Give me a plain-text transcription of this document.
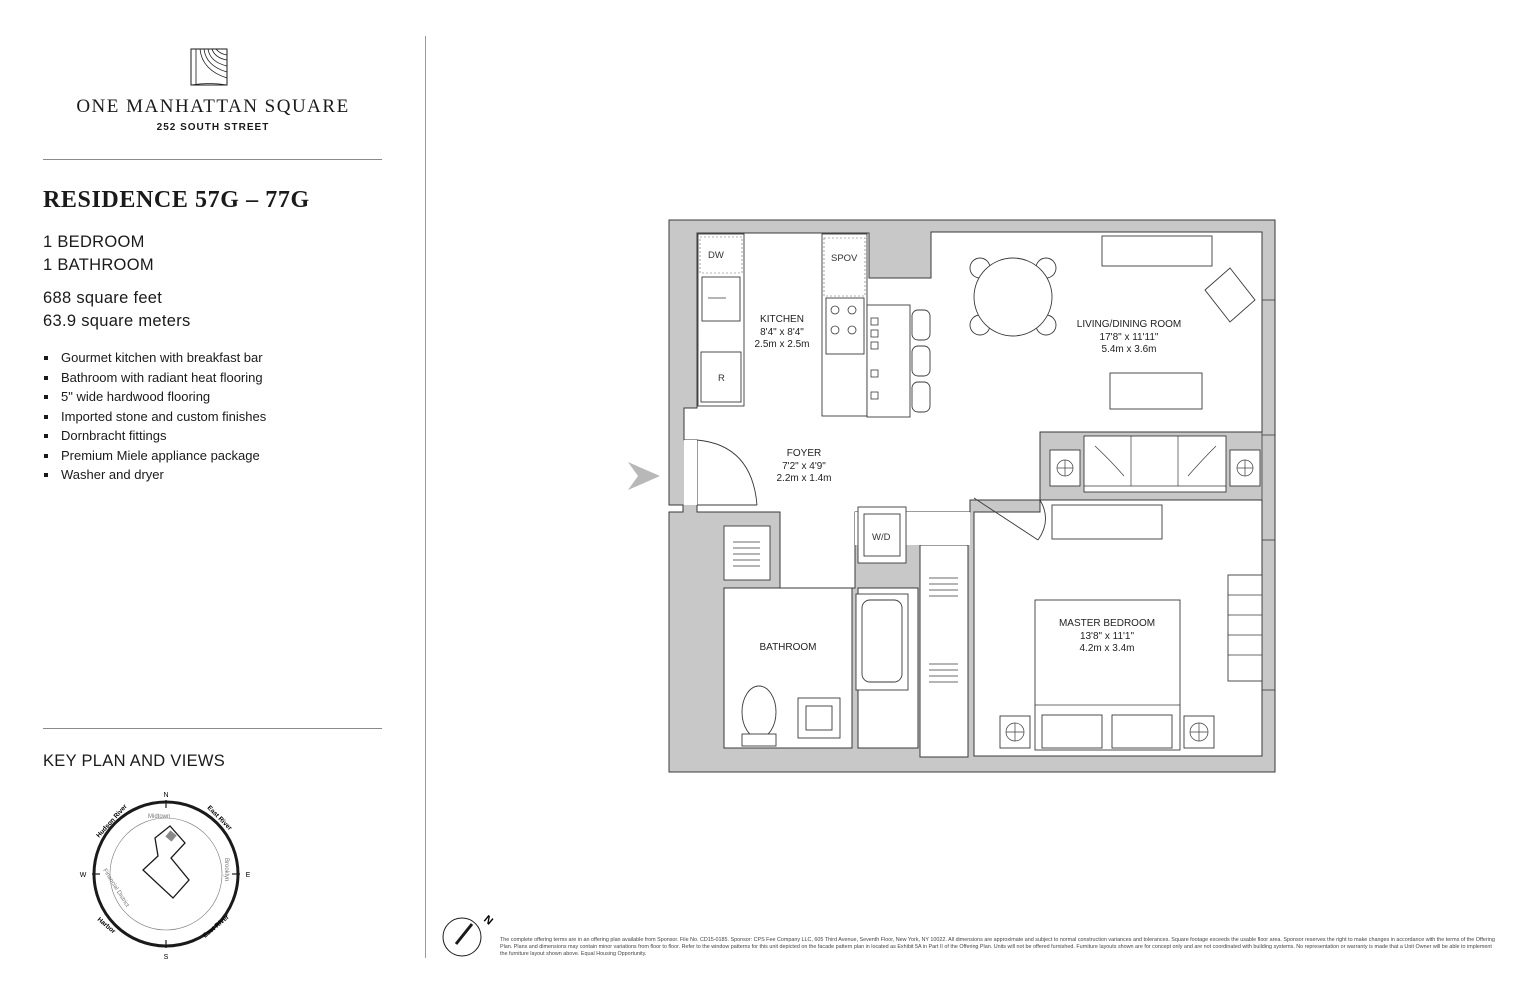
ONE MANHATTAN SQUARE
252 SOUTH STREET
RESIDENCE 57G – 77G
1 BEDROOM
1 BATHROOM
688 square feet
63.9 square meters
Gourmet kitchen with breakfast bar
Bathroom with radiant heat flooring
5" wide hardwood flooring
Imported stone and custom finishes
Dornbracht fittings
Premium Miele appliance package
Washer and dryer
KEY PLAN AND VIEWS
N
S
W	E
Hudson River	East River
Midtown
Brooklyn
Financial District
Harbor	East River
DW	SPOV
R
W/D
KITCHEN
8'4" x 8'4"
2.5m x 2.5m
LIVING/DINING ROOM
17'8" x 11'11"
5.4m x 3.6m
FOYER
7'2" x 4'9"
2.2m x 1.4m
BATHROOM
MASTER BEDROOM
13'8" x 11'1"
4.2m x 3.4m
N
The complete offering terms are in an offering plan available from Sponsor. File No. CD15-0185. Sponsor: CPS Fee Company LLC, 605 Third Avenue, Seventh Floor, New York, NY 10022. All dimensions are approximate and subject to normal construction variances and tolerances. Square footage exceeds the usable floor area. Sponsor reserves the right to make changes in accordance with the terms of the Offering Plan. Plans and dimensions may contain minor variations from floor to floor. Refer to the window patterns for this unit depicted on the facade pattern plan in located as Exhibit 5A in Part II of the Offering Plan. Units will not be offered furnished. Furniture layouts shown are for concept only and are not coordinated with building systems. No representation or warranty is made that a Unit Owner will be able to implement the furniture layout shown above. Equal Housing Opportunity.
